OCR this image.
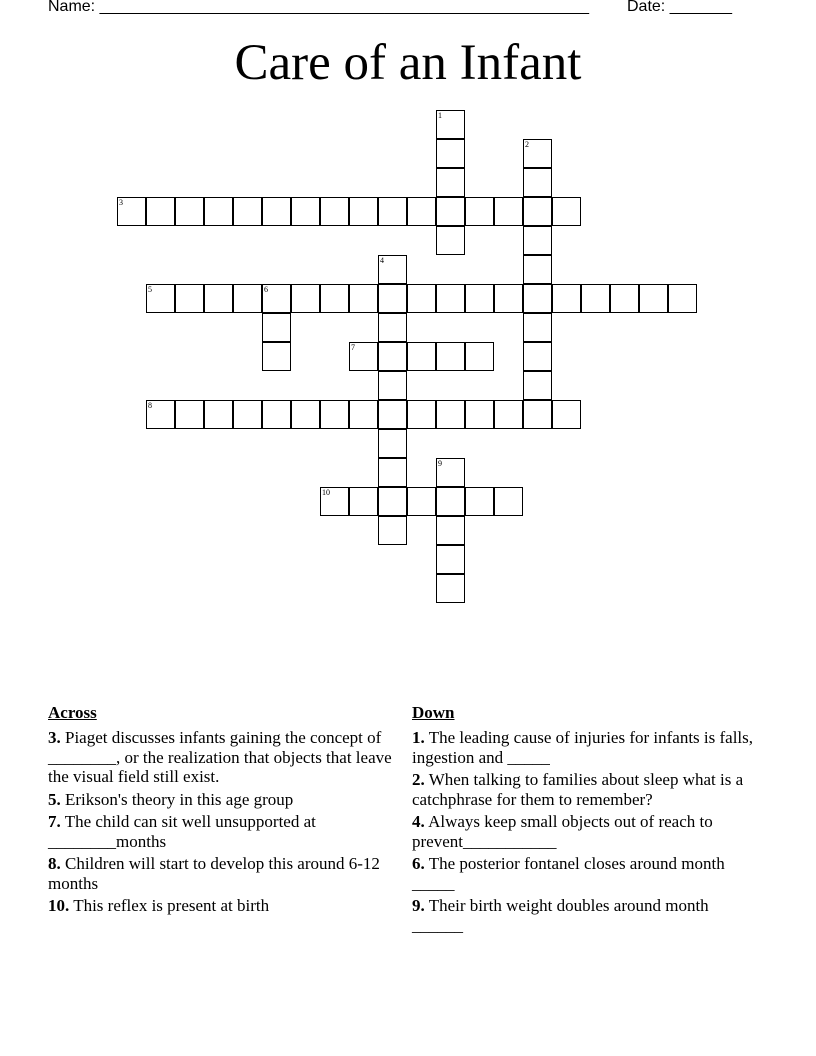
Name: _______________________________________________________ Date: _______
Care of an Infant
1
2
3
4
5	6
7
8
9
10
Across
3. Piaget discusses infants gaining the concept of ________, or the realization that objects that leave the visual field still exist.
5. Erikson's theory in this age group
7. The child can sit well unsupported at ________months
8. Children will start to develop this around 6-12 months
10. This reflex is present at birth
Down
1. The leading cause of injuries for infants is falls, ingestion and _____
2. When talking to families about sleep what is a catchphrase for them to remember?
4. Always keep small objects out of reach to prevent___________
6. The posterior fontanel closes around month _____
9. Their birth weight doubles around month ______
